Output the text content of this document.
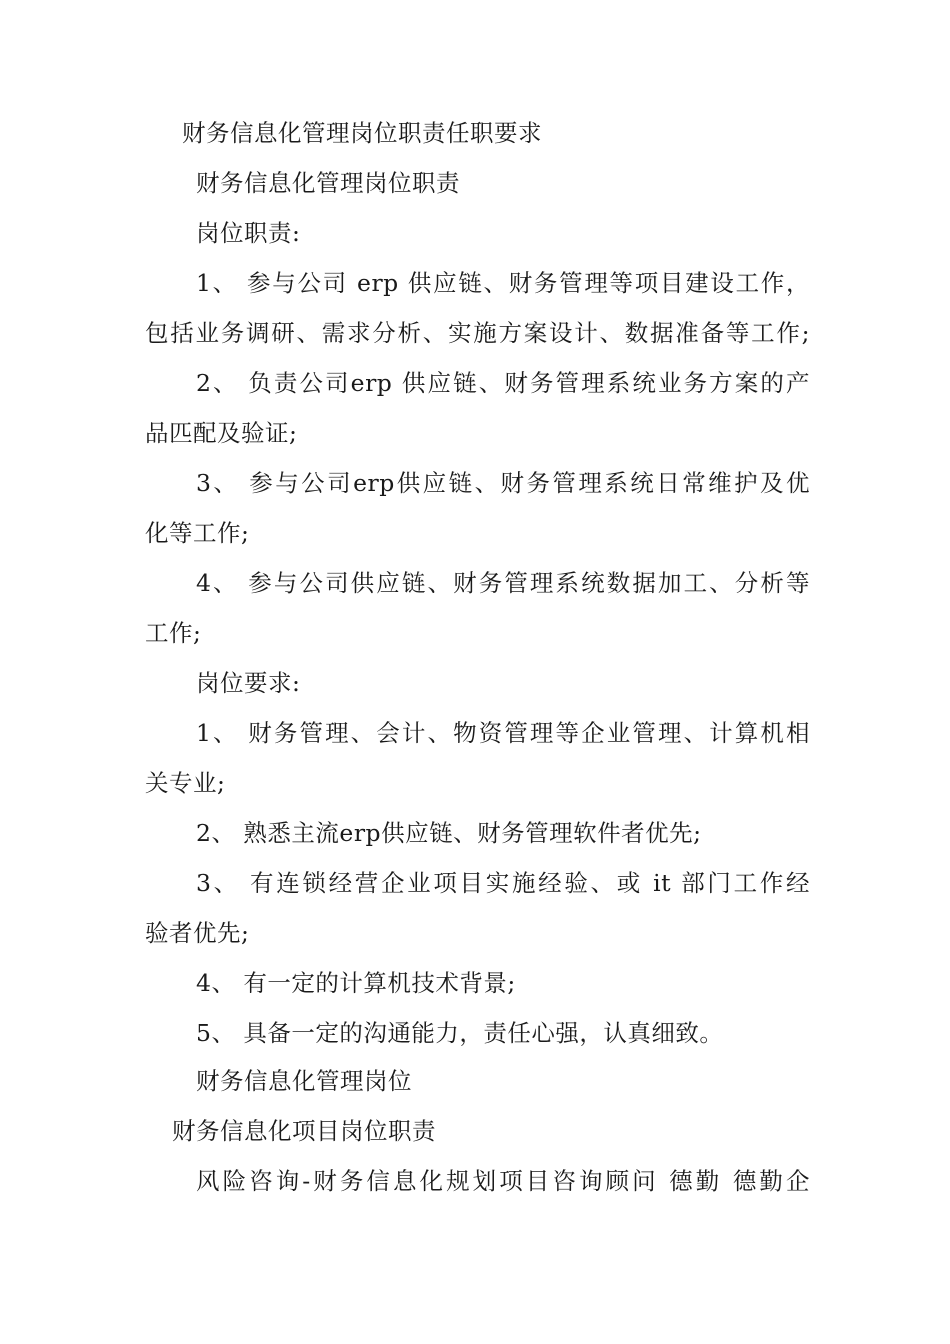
财务信息化管理岗位职责任职要求
财务信息化管理岗位职责
岗位职责:
1、 参与公司 erp 供应链、财务管理等项目建设工作，
包括业务调研、需求分析、实施方案设计、数据准备等工作;
2、 负责公司erp 供应链、财务管理系统业务方案的产
品匹配及验证;
3、 参与公司erp供应链、财务管理系统日常维护及优
化等工作;
4、 参与公司供应链、财务管理系统数据加工、分析等
工作;
岗位要求:
1、 财务管理、会计、物资管理等企业管理、计算机相
关专业;
2、 熟悉主流erp供应链、财务管理软件者优先;
3、 有连锁经营企业项目实施经验、或 it 部门工作经
验者优先;
4、 有一定的计算机技术背景;
5、 具备一定的沟通能力，责任心强，认真细致。
财务信息化管理岗位
财务信息化项目岗位职责
风险咨询-财务信息化规划项目咨询顾问 德勤 德勤企
